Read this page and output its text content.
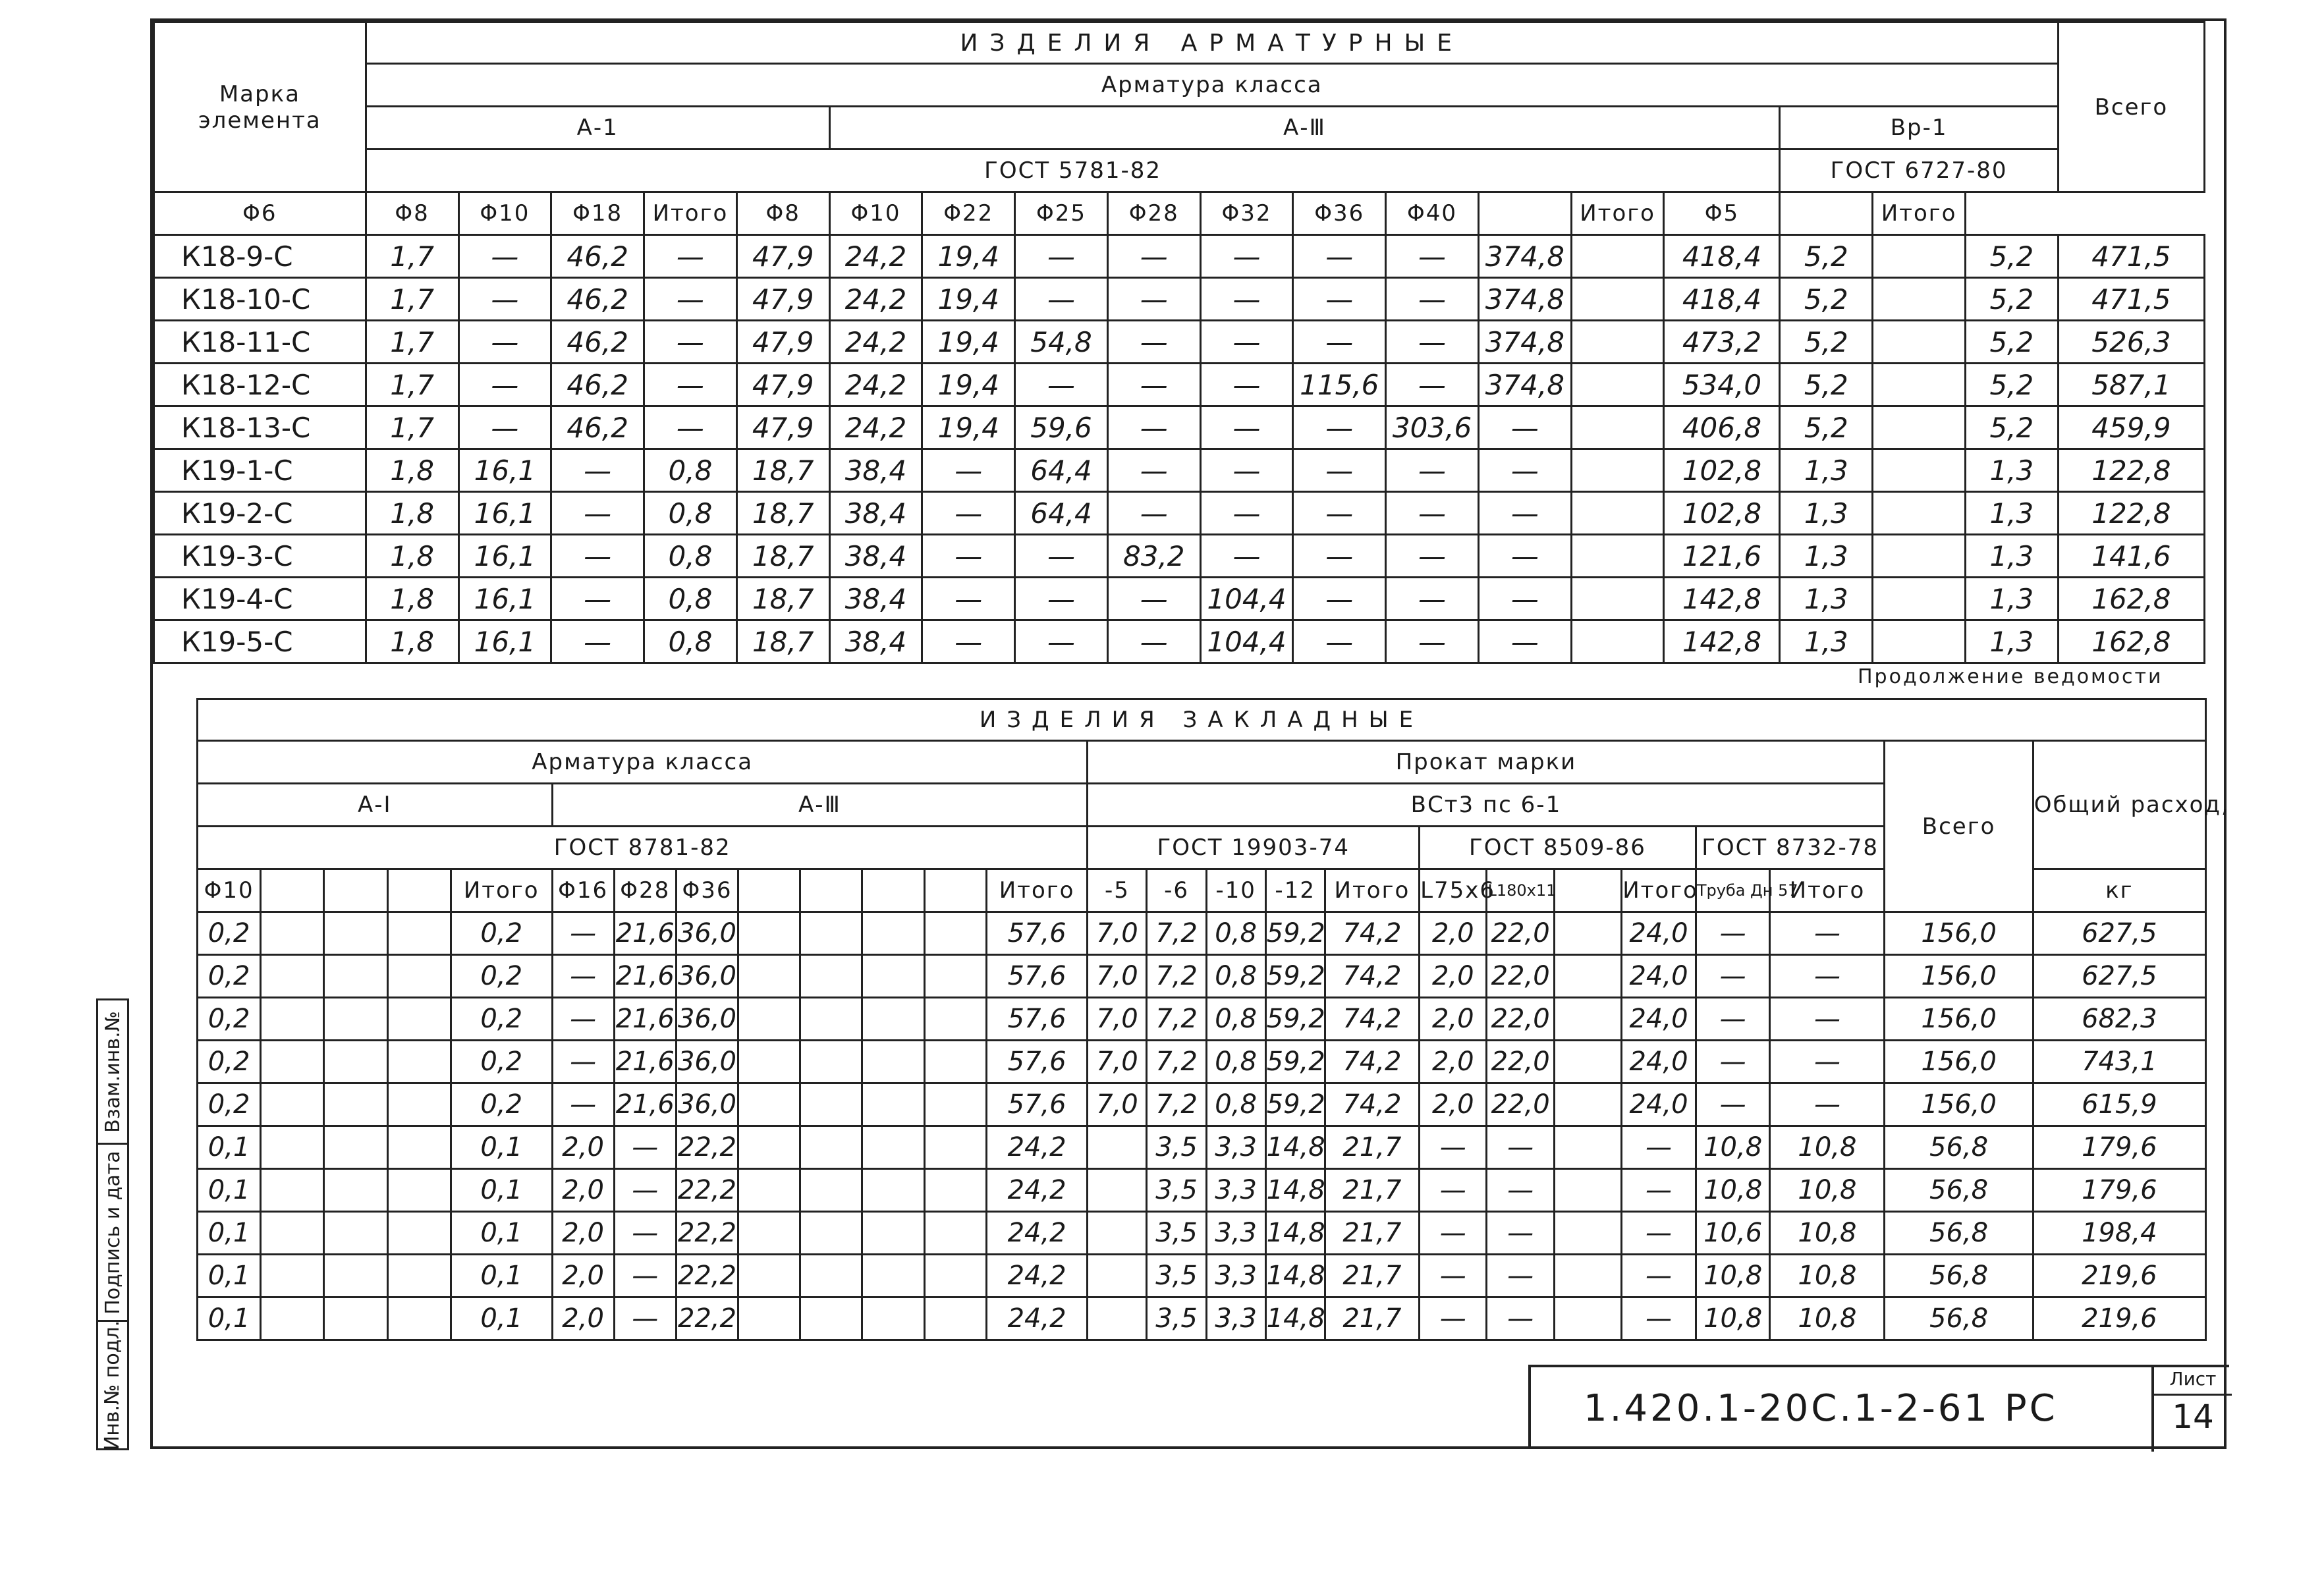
Марка элемента	ИЗДЕЛИЯ АРМАТУРНЫЕ																		Всего
	Арматура класса																		
	А-1					А-Ⅲ										Вр-1			
	ГОСТ 5781-82															ГОСТ 6727-80			
Φ6	Φ8	Φ10	Φ18	Итого	Φ8	Φ10	Φ22	Φ25	Φ28	Φ32	Φ36	Φ40		Итого	Φ5		Итого		
К18-9-С	1,7	—	46,2	—	47,9	24,2	19,4	—	—	—	—	—	374,8		418,4	5,2		5,2	471,5
К18-10-С	1,7	—	46,2	—	47,9	24,2	19,4	—	—	—	—	—	374,8		418,4	5,2		5,2	471,5
К18-11-С	1,7	—	46,2	—	47,9	24,2	19,4	54,8	—	—	—	—	374,8		473,2	5,2		5,2	526,3
К18-12-С	1,7	—	46,2	—	47,9	24,2	19,4	—	—	—	115,6	—	374,8		534,0	5,2		5,2	587,1
К18-13-С	1,7	—	46,2	—	47,9	24,2	19,4	59,6	—	—	—	303,6	—		406,8	5,2		5,2	459,9
К19-1-С	1,8	16,1	—	0,8	18,7	38,4	—	64,4	—	—	—	—	—		102,8	1,3		1,3	122,8
К19-2-С	1,8	16,1	—	0,8	18,7	38,4	—	64,4	—	—	—	—	—		102,8	1,3		1,3	122,8
К19-3-С	1,8	16,1	—	0,8	18,7	38,4	—	—	83,2	—	—	—	—		121,6	1,3		1,3	141,6
К19-4-С	1,8	16,1	—	0,8	18,7	38,4	—	—	—	104,4	—	—	—		142,8	1,3		1,3	162,8
К19-5-С	1,8	16,1	—	0,8	18,7	38,4	—	—	—	104,4	—	—	—		142,8	1,3		1,3	162,8
Продолжение ведомости
ИЗДЕЛИЯ ЗАКЛАДНЫЕ																									
Арматура класса													Прокат марки											Всего	Общий расход,
А-I					А-Ⅲ								ВСт3 пс 6-1												
ГОСТ 8781-82													ГОСТ 19903-74					ГОСТ 8509-86				ГОСТ 8732-78			
Φ10				Итого	Φ16	Φ28	Φ36					Итого	-5	-6	-10	-12	Итого	L75x6	L180x11		Итого	Труба Дн 57	Итого		кг
0,2				0,2	—	21,6	36,0					57,6	7,0	7,2	0,8	59,2	74,2	2,0	22,0		24,0	—	—	156,0	627,5
0,2				0,2	—	21,6	36,0					57,6	7,0	7,2	0,8	59,2	74,2	2,0	22,0		24,0	—	—	156,0	627,5
0,2				0,2	—	21,6	36,0					57,6	7,0	7,2	0,8	59,2	74,2	2,0	22,0		24,0	—	—	156,0	682,3
0,2				0,2	—	21,6	36,0					57,6	7,0	7,2	0,8	59,2	74,2	2,0	22,0		24,0	—	—	156,0	743,1
0,2				0,2	—	21,6	36,0					57,6	7,0	7,2	0,8	59,2	74,2	2,0	22,0		24,0	—	—	156,0	615,9
0,1				0,1	2,0	—	22,2					24,2		3,5	3,3	14,8	21,7	—	—		—	10,8	10,8	56,8	179,6
0,1				0,1	2,0	—	22,2					24,2		3,5	3,3	14,8	21,7	—	—		—	10,8	10,8	56,8	179,6
0,1				0,1	2,0	—	22,2					24,2		3,5	3,3	14,8	21,7	—	—		—	10,6	10,8	56,8	198,4
0,1				0,1	2,0	—	22,2					24,2		3,5	3,3	14,8	21,7	—	—		—	10,8	10,8	56,8	219,6
0,1				0,1	2,0	—	22,2					24,2		3,5	3,3	14,8	21,7	—	—		—	10,8	10,8	56,8	219,6
1.420.1-20С.1-2-61 РС
Лист
14
Взам.инв.№
Подпись и дата
Инв.№ подл.
